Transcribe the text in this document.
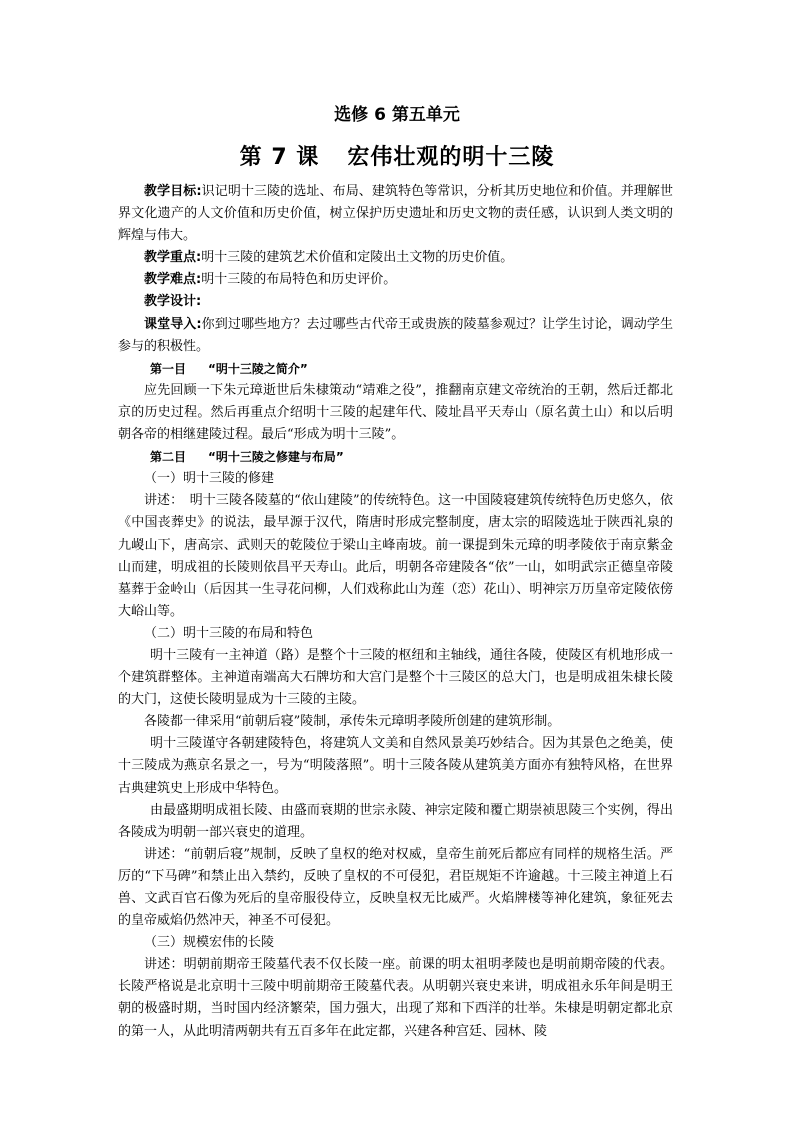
选修 6 第五单元
第 7 课 宏伟壮观的明十三陵

教学目标:识记明十三陵的选址、布局、建筑特色等常识，分析其历史地位和价值。并理解世界文化遗产的人文价值和历史价值，树立保护历史遗址和历史文物的责任感，认识到人类文明的辉煌与伟大。

教学重点:明十三陵的建筑艺术价值和定陵出土文物的历史价值。

教学难点:明十三陵的布局特色和历史评价。

教学设计:

课堂导入:你到过哪些地方？去过哪些古代帝王或贵族的陵墓参观过？让学生讨论，调动学生参与的积极性。

第一目 “明十三陵之简介”

应先回顾一下朱元璋逝世后朱棣策动“靖难之役”，推翻南京建文帝统治的王朝，然后迁都北京的历史过程。然后再重点介绍明十三陵的起建年代、陵址昌平天寿山（原名黄土山）和以后明朝各帝的相继建陵过程。最后“形成为明十三陵”。

第二目 “明十三陵之修建与布局”

（一）明十三陵的修建

讲述：　明十三陵各陵墓的“依山建陵”的传统特色。这一中国陵寝建筑传统特色历史悠久，依《中国丧葬史》的说法，最早源于汉代，隋唐时形成完整制度，唐太宗的昭陵选址于陕西礼泉的九嵕山下，唐高宗、武则天的乾陵位于梁山主峰南坡。前一课提到朱元璋的明孝陵依于南京紫金山而建，明成祖的长陵则依昌平天寿山。此后，明朝各帝建陵各“依”一山，如明武宗正德皇帝陵墓葬于金岭山（后因其一生寻花问柳，人们戏称此山为莲（恋）花山）、明神宗万历皇帝定陵依傍大峪山等。

（二）明十三陵的布局和特色

明十三陵有一主神道（路）是整个十三陵的枢纽和主轴线，通往各陵，使陵区有机地形成一个建筑群整体。主神道南端高大石牌坊和大宫门是整个十三陵区的总大门，也是明成祖朱棣长陵的大门，这使长陵明显成为十三陵的主陵。

各陵都一律采用“前朝后寝”陵制，承传朱元璋明孝陵所创建的建筑形制。

明十三陵谨守各朝建陵特色，将建筑人文美和自然风景美巧妙结合。因为其景色之绝美，使十三陵成为燕京名景之一，号为“明陵落照”。明十三陵各陵从建筑美方面亦有独特风格，在世界古典建筑史上形成中华特色。

由最盛期明成祖长陵、由盛而衰期的世宗永陵、神宗定陵和覆亡期崇祯思陵三个实例，得出各陵成为明朝一部兴衰史的道理。

讲述：“前朝后寝”规制，反映了皇权的绝对权威，皇帝生前死后都应有同样的规格生活。严厉的“下马碑”和禁止出入禁约，反映了皇权的不可侵犯，君臣规矩不许逾越。十三陵主神道上石兽、文武百官石像为死后的皇帝服役侍立，反映皇权无比威严。火焰牌楼等神化建筑，象征死去的皇帝威焰仍然冲天，神圣不可侵犯。

（三）规模宏伟的长陵

讲述：明朝前期帝王陵墓代表不仅长陵一座。前课的明太祖明孝陵也是明前期帝陵的代表。长陵严格说是北京明十三陵中明前期帝王陵墓代表。从明朝兴衰史来讲，明成祖永乐年间是明王朝的极盛时期，当时国内经济繁荣，国力强大，出现了郑和下西洋的壮举。朱棣是明朝定都北京的第一人，从此明清两朝共有五百多年在此定都，兴建各种宫廷、园林、陵
